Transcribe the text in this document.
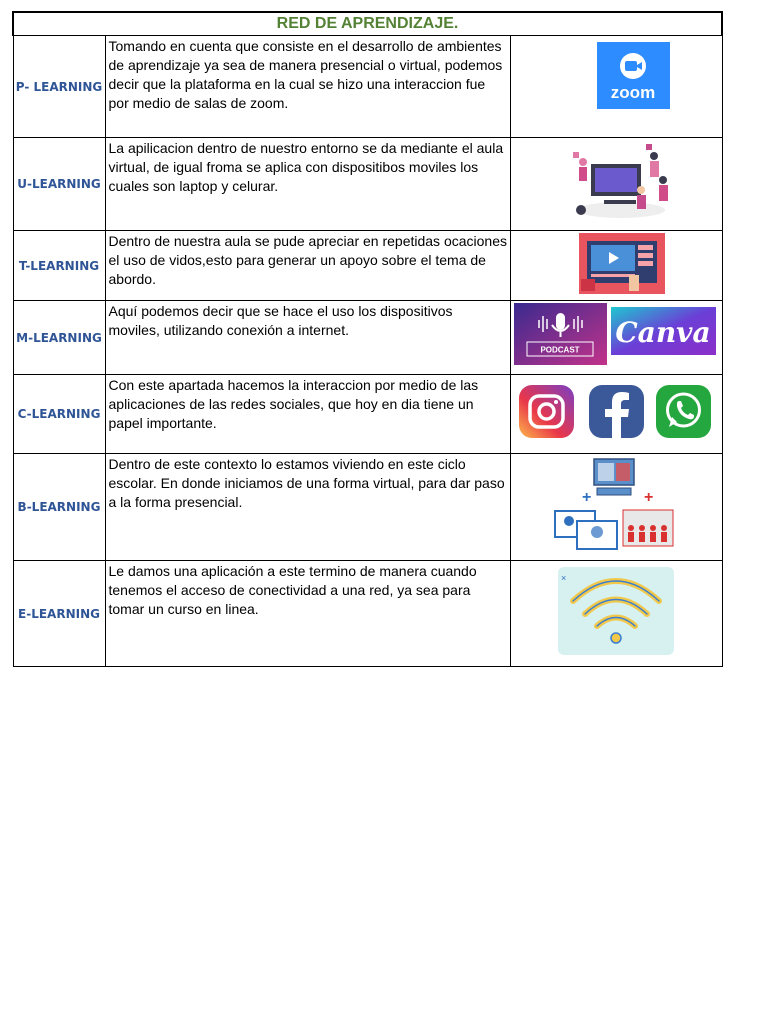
RED DE APRENDIZAJE.		
P- LEARNING	Tomando en cuenta que consiste en el desarrollo de ambientes de aprendizaje ya sea de manera presencial o virtual, podemos decir que la plataforma en la cual se hizo una interaccion fue por medio de salas de zoom.	zoom

U-LEARNING	La apilicacion dentro de nuestro entorno se da mediante el aula virtual, de igual froma se aplica con dispositibos moviles los cuales son laptop y celurar.	

T-LEARNING	Dentro de nuestra aula se pude apreciar en repetidas ocaciones el uso de vidos,esto para generar un apoyo sobre el tema de abordo.	

M-LEARNING	Aquí podemos decir que se hace el uso los dispositivos moviles, utilizando conexión a internet.	PODCAST
Canva

C-LEARNING	Con este apartada hacemos la interaccion por medio de las aplicaciones de las redes sociales, que hoy en dia tiene un papel importante.	

B-LEARNING	Dentro de este contexto lo estamos viviendo en este ciclo escolar. En donde iniciamos de una forma virtual, para dar paso a la forma presencial.	+ +

E-LEARNING	Le damos una aplicación a este termino de manera cuando tenemos el acceso de conectividad a una red, ya sea para tomar un curso en linea.	×
